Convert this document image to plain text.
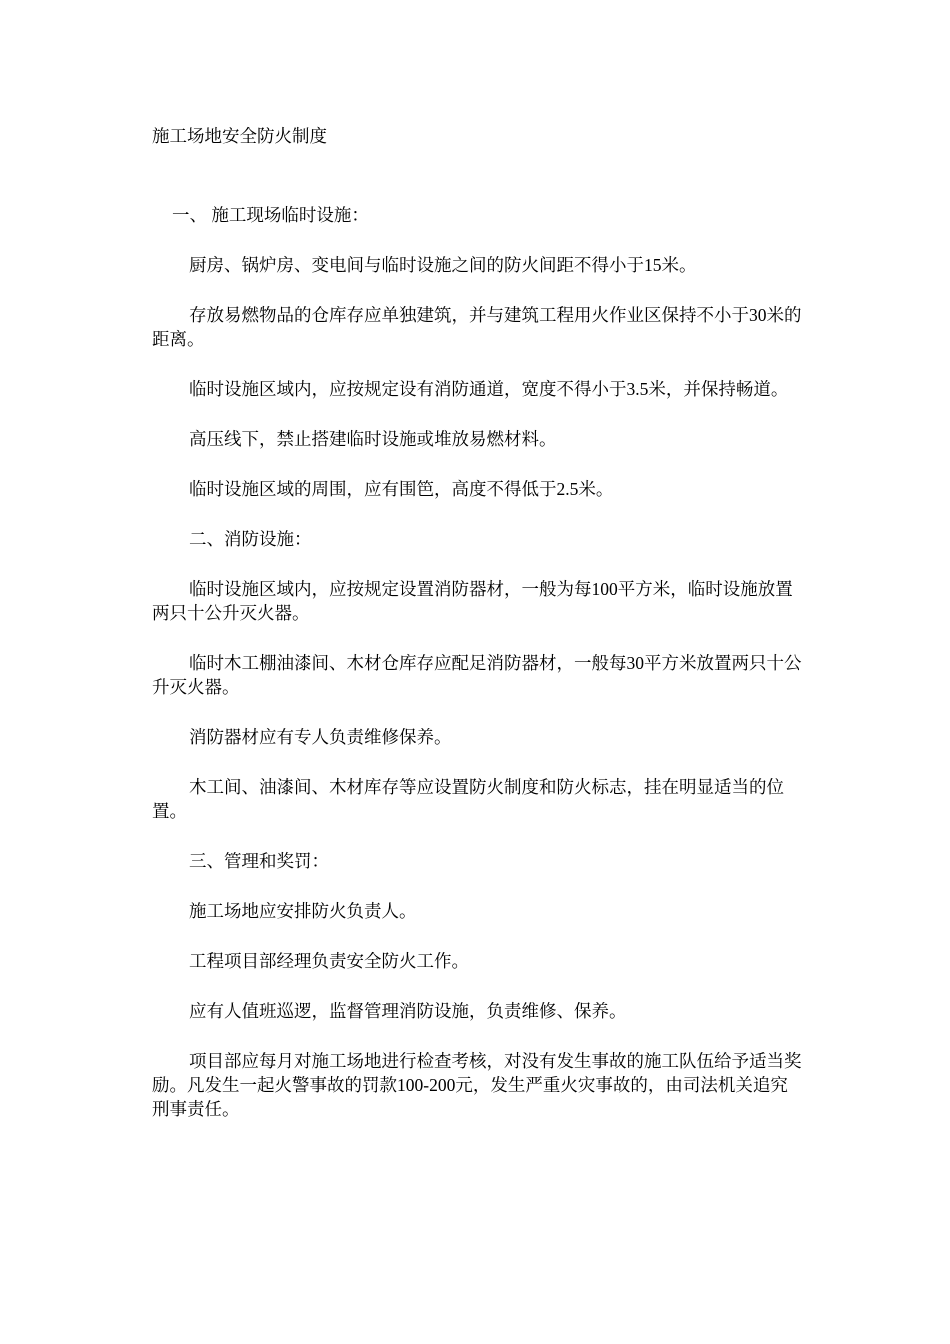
施工场地安全防火制度

一、 施工现场临时设施：

厨房、锅炉房、变电间与临时设施之间的防火间距不得小于15米。

存放易燃物品的仓库存应单独建筑，并与建筑工程用火作业区保持不小于30米的距离。

临时设施区域内，应按规定设有消防通道，宽度不得小于3.5米，并保持畅道。

高压线下，禁止搭建临时设施或堆放易燃材料。

临时设施区域的周围，应有围笆，高度不得低于2.5米。

二、消防设施：

临时设施区域内，应按规定设置消防器材，一般为每100平方米，临时设施放置两只十公升灭火器。

临时木工棚油漆间、木材仓库存应配足消防器材，一般每30平方米放置两只十公升灭火器。

消防器材应有专人负责维修保养。

木工间、油漆间、木材库存等应设置防火制度和防火标志，挂在明显适当的位置。

三、管理和奖罚：

施工场地应安排防火负责人。

工程项目部经理负责安全防火工作。

应有人值班巡逻，监督管理消防设施，负责维修、保养。

项目部应每月对施工场地进行检查考核，对没有发生事故的施工队伍给予适当奖励。凡发生一起火警事故的罚款100-200元，发生严重火灾事故的，由司法机关追究刑事责任。
